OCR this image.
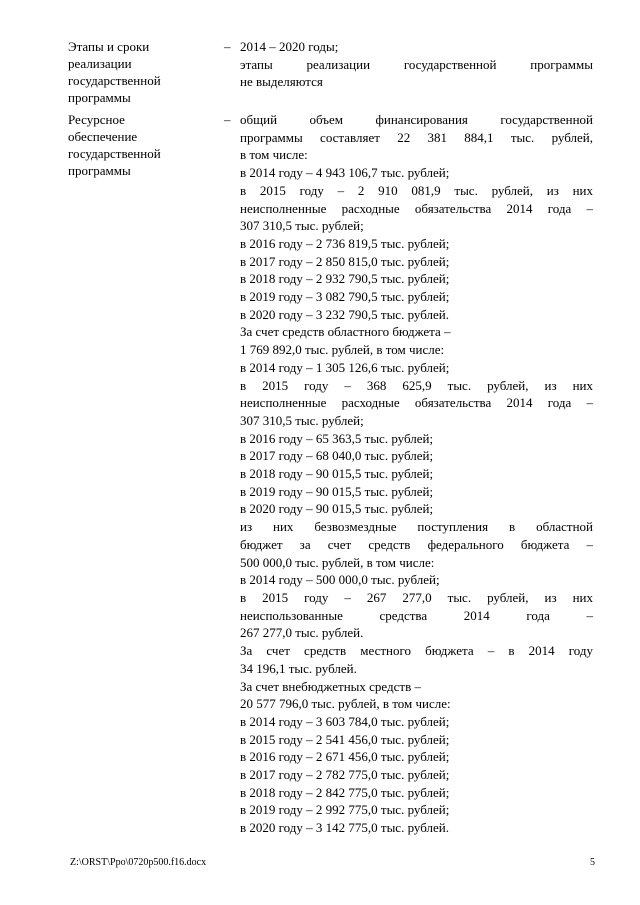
Этапы и сроки
реализации
государственной
программы
– 2014 – 2020 годы;
этапы реализации государственной программы
не выделяются
Ресурсное
обеспечение
государственной
программы
– общий объем финансирования государственной
программы составляет 22 381 884,1 тыс. рублей,
в том числе:
в 2014 году – 4 943 106,7 тыс. рублей;
в 2015 году – 2 910 081,9 тыс. рублей, из них
неисполненные расходные обязательства 2014 года –
307 310,5 тыс. рублей;
в 2016 году – 2 736 819,5 тыс. рублей;
в 2017 году – 2 850 815,0 тыс. рублей;
в 2018 году – 2 932 790,5 тыс. рублей;
в 2019 году – 3 082 790,5 тыс. рублей;
в 2020 году – 3 232 790,5 тыс. рублей.
За счет средств областного бюджета –
1 769 892,0 тыс. рублей, в том числе:
в 2014 году – 1 305 126,6 тыс. рублей;
в 2015 году – 368 625,9 тыс. рублей, из них
неисполненные расходные обязательства 2014 года –
307 310,5 тыс. рублей;
в 2016 году – 65 363,5 тыс. рублей;
в 2017 году – 68 040,0 тыс. рублей;
в 2018 году – 90 015,5 тыс. рублей;
в 2019 году – 90 015,5 тыс. рублей;
в 2020 году – 90 015,5 тыс. рублей;
из них безвозмездные поступления в областной
бюджет за счет средств федерального бюджета –
500 000,0 тыс. рублей, в том числе:
в 2014 году – 500 000,0 тыс. рублей;
в 2015 году – 267 277,0 тыс. рублей, из них
неиспользованные средства 2014 года –
267 277,0 тыс. рублей.
За счет средств местного бюджета – в 2014 году
34 196,1 тыс. рублей.
За счет внебюджетных средств –
20 577 796,0 тыс. рублей, в том числе:
в 2014 году – 3 603 784,0 тыс. рублей;
в 2015 году – 2 541 456,0 тыс. рублей;
в 2016 году – 2 671 456,0 тыс. рублей;
в 2017 году – 2 782 775,0 тыс. рублей;
в 2018 году – 2 842 775,0 тыс. рублей;
в 2019 году – 2 992 775,0 тыс. рублей;
в 2020 году – 3 142 775,0 тыс. рублей.
Z:\ORST\Ppo\0720p500.f16.docx	5
